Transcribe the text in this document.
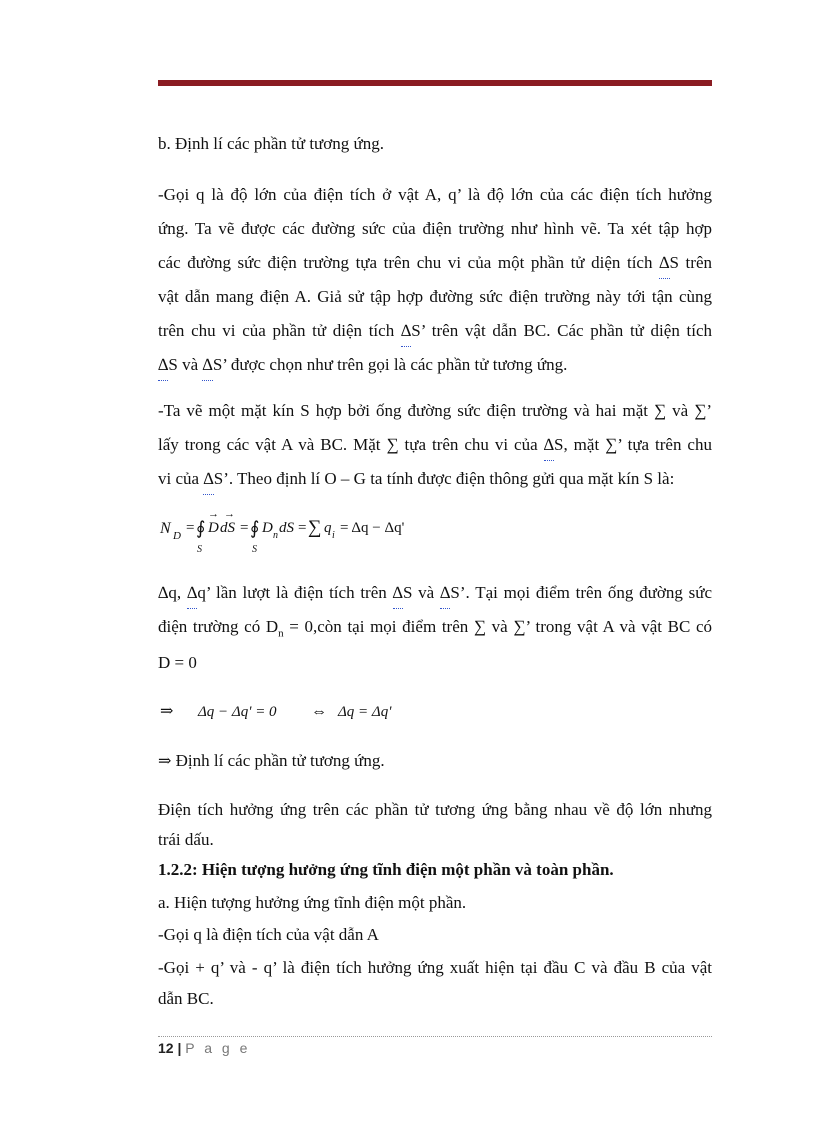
b. Định lí các phần tử tương ứng.

-Gọi q là độ lớn của điện tích ở vật A, q’ là độ lớn của các điện tích hưởng
ứng. Ta vẽ được các đường sức của điện trường như hình vẽ. Ta xét tập hợp
các đường sức điện trường tựa trên chu vi của một phần tử diện tích ∆S trên
vật dẫn mang điện A. Giả sử tập hợp đường sức điện trường này tới tận cùng
trên chu vi của phần tử diện tích ∆S’ trên vật dẫn BC. Các phần tử diện tích
∆S và ∆S’ được chọn như trên gọi là các phần tử tương ứng.
-Ta vẽ một mặt kín S hợp bởi ống đường sức điện trường và hai mặt ∑ và ∑’
lấy trong các vật A và BC. Mặt ∑ tựa trên chu vi của ∆S, mặt ∑’ tựa trên chu
vi của ∆S’. Theo định lí O – G ta tính được điện thông gửi qua mặt kín S là:
N D = ∮
S
→
D
→
dS = ∮
S
D n dS = ∑ q i = Δq − Δq'
∆q, ∆q’ lần lượt là điện tích trên ∆S và ∆S’. Tại mọi điểm trên ống đường sức
điện trường có $D_n$ = 0,còn tại mọi điểm trên ∑ và ∑’ trong vật A và vật BC có
D = 0
⇒ Δq − Δq' = 0 ⇔ Δq = Δq'

⇒ Định lí các phần tử tương ứng.

Điện tích hưởng ứng trên các phần tử tương ứng bằng nhau về độ lớn nhưng
trái dấu.

1.2.2: Hiện tượng hưởng ứng tĩnh điện một phần và toàn phần.

a. Hiện tượng hưởng ứng tĩnh điện một phần.

-Gọi q là điện tích của vật dẫn A

-Gọi + q’ và - q’ là điện tích hưởng ứng xuất hiện tại đầu C và đầu B của vật
dẫn BC.
12 | P a g e
